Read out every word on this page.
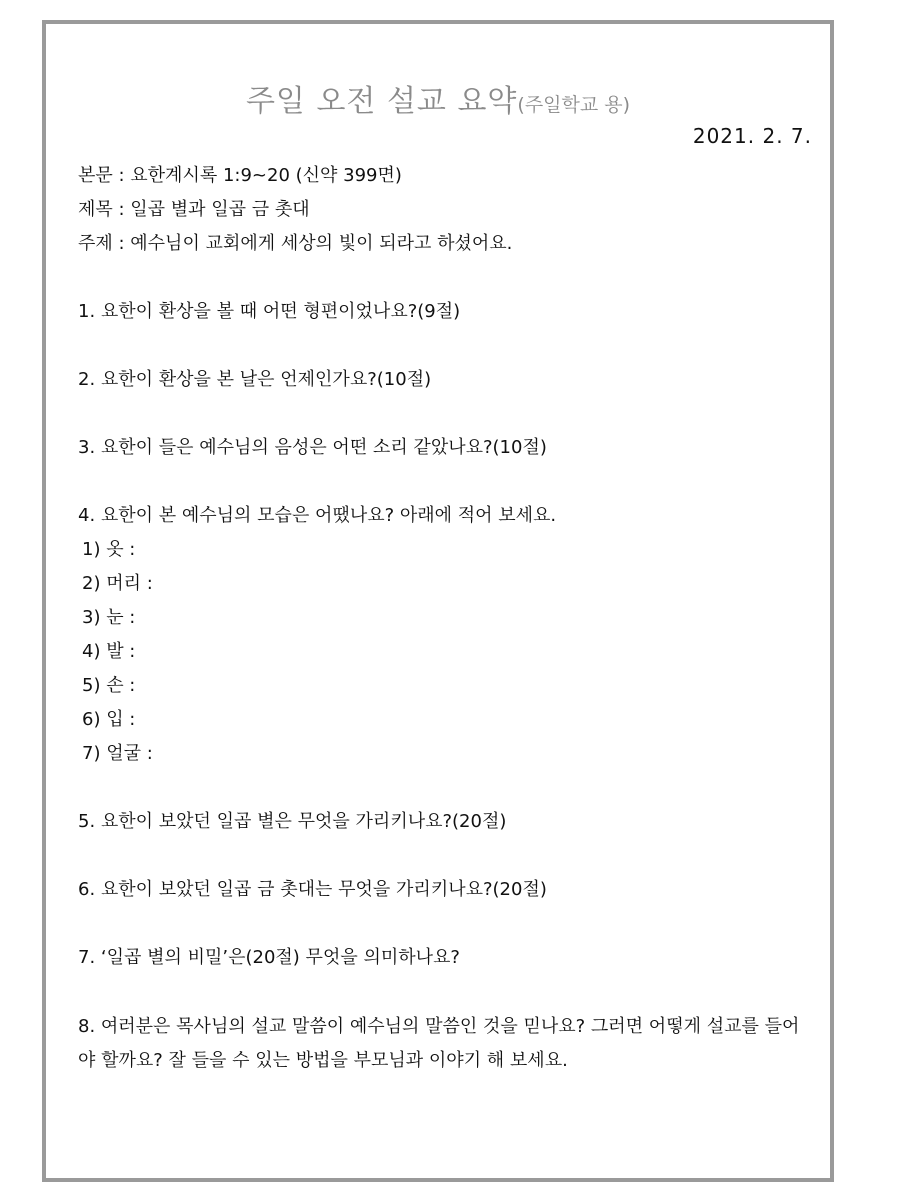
주일 오전 설교 요약(주일학교 용)
2021. 2. 7.
본문 : 요한계시록 1:9~20 (신약 399면)
제목 : 일곱 별과 일곱 금 촛대
주제 : 예수님이 교회에게 세상의 빛이 되라고 하셨어요.
1. 요한이 환상을 볼 때 어떤 형편이었나요?(9절)
2. 요한이 환상을 본 날은 언제인가요?(10절)
3. 요한이 들은 예수님의 음성은 어떤 소리 같았나요?(10절)
4. 요한이 본 예수님의 모습은 어땠나요? 아래에 적어 보세요.
1) 옷 :
2) 머리 :
3) 눈 :
4) 발 :
5) 손 :
6) 입 :
7) 얼굴 :
5. 요한이 보았던 일곱 별은 무엇을 가리키나요?(20절)
6. 요한이 보았던 일곱 금 촛대는 무엇을 가리키나요?(20절)
7. ‘일곱 별의 비밀’은(20절) 무엇을 의미하나요?
8. 여러분은 목사님의 설교 말씀이 예수님의 말씀인 것을 믿나요? 그러면 어떻게 설교를 들어야 할까요? 잘 들을 수 있는 방법을 부모님과 이야기 해 보세요.
